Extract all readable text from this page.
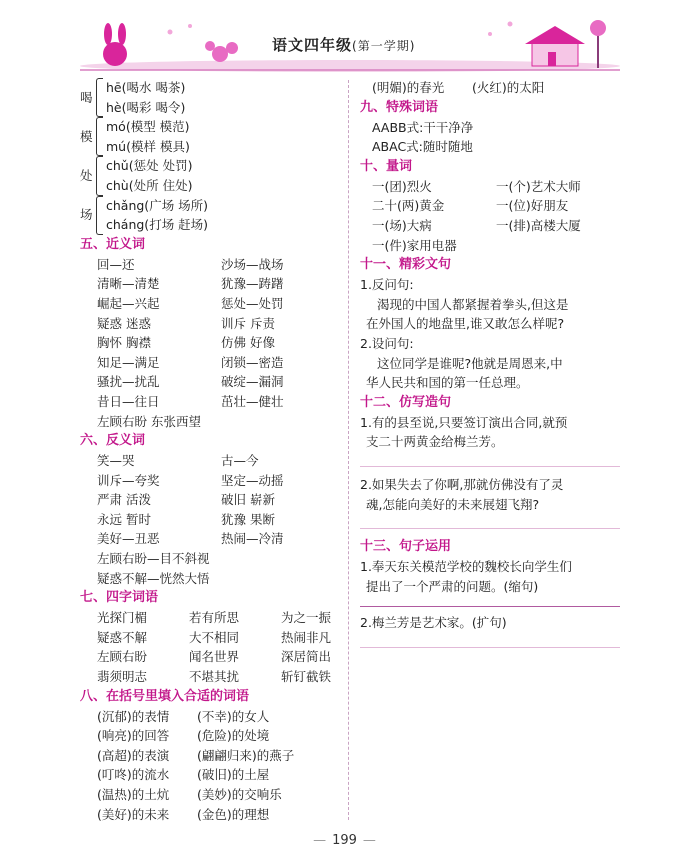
语文四年级(第一学期)
喝
hē(喝水 喝茶)
hè(喝彩 喝令)
模
mó(模型 模范)
mú(模样 模具)
处
chǔ(惩处 处罚)
chù(处所 住处)
场
chǎng(广场 场所)
cháng(打场 赶场)
五、近义词
回—还	沙场—战场
清晰—清楚	犹豫—踌躇
崛起—兴起	惩处—处罚
疑惑 迷惑	训斥 斥责
胸怀 胸襟	仿佛 好像
知足—满足	闭锁—密造
骚扰—扰乱	破绽—漏洞
昔日—往日	茁壮—健壮
左顾右盼 东张西望
六、反义词
笑—哭	古—今
训斥—夸奖	坚定—动摇
严肃 活泼	破旧 崭新
永远 暂时	犹豫 果断
美好—丑恶	热闹—冷清
左顾右盼—目不斜视
疑惑不解—恍然大悟
七、四字词语
光探门楣	若有所思	为之一振
疑惑不解	大不相同	热闹非凡
左顾右盼	闻名世界	深居简出
翡须明志	不堪其扰	斩钉截铁
八、在括号里填入合适的词语
(沉郁)的表情 (不幸)的女人
(响亮)的回答 (危险)的处境
(高超)的表演 (翩翩归来)的燕子
(叮咚)的流水 (破旧)的土屋
(温热)的土炕 (美妙)的交响乐
(美好)的未来 (金色)的理想
(明媚)的春光 (火红)的太阳
九、特殊词语
AABB式:干干净净
ABAC式:随时随地
十、量词
一(团)烈火	一(个)艺术大师
二十(两)黄金	一(位)好朋友
一(场)大病	一(排)高楼大厦
一(件)家用电器
十一、精彩文句
1.反问句:
渴现的中国人都紧握着拳头,但这是
在外国人的地盘里,谁又敢怎么样呢?
2.设问句:
这位同学是谁呢?他就是周恩来,中
华人民共和国的第一任总理。
十二、仿写造句
1.有的县至说,只要签订演出合同,就预
支二十两黄金给梅兰芳。
2.如果失去了你啊,那就仿佛没有了灵
魂,怎能向美好的未来展翅飞翔?
十三、句子运用
1.奉天东关模范学校的魏校长向学生们
提出了一个严肃的问题。(缩句)
2.梅兰芳是艺术家。(扩句)
— 199 —
